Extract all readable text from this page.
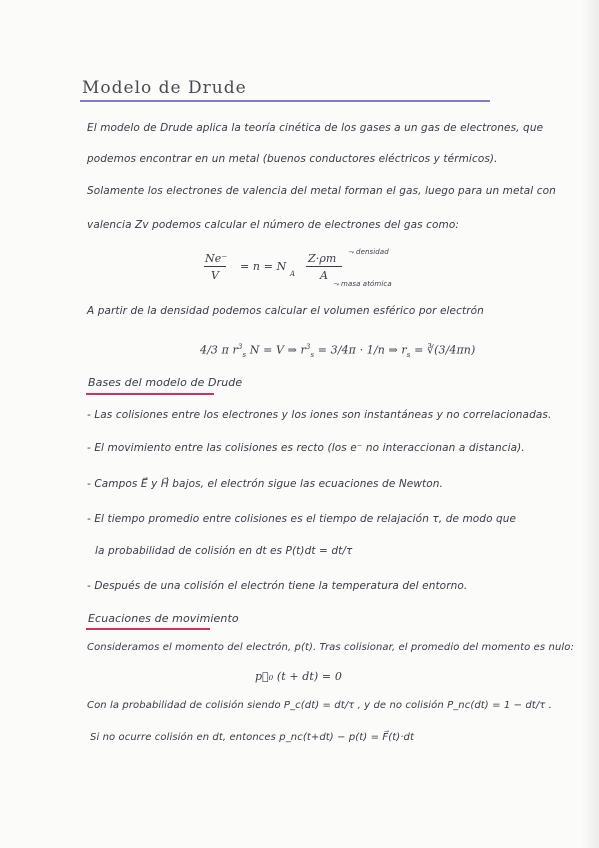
Modelo de Drude
El modelo de Drude aplica la teoría cinética de los gases a un gas de electrones, que
podemos encontrar en un metal (buenos conductores eléctricos y térmicos).
Solamente los electrones de valencia del metal forman el gas, luego para un metal con
valencia Zv podemos calcular el número de electrones del gas como:
Ne⁻
V
= n = N
A
Z·ρm
A
⤳ densidad
⤳ masa atómica
A partir de la densidad podemos calcular el volumen esférico por electrón
4/3 π $r^3_s$ N = V ⇒ $r^3_s = 3/4\pi \cdot 1/n$ ⇒ $r_s$ = ∛(3/4πn)
Bases del modelo de Drude
- Las colisiones entre los electrones y los iones son instantáneas y no correlacionadas.
- El movimiento entre las colisiones es recto (los e⁻ no interaccionan a distancia).
- Campos E⃗ y H⃗ bajos, el electrón sigue las ecuaciones de Newton.
- El tiempo promedio entre colisiones es el tiempo de relajación τ, de modo que
la probabilidad de colisión en dt es P(t)dt = dt/τ
- Después de una colisión el electrón tiene la temperatura del entorno.
Ecuaciones de movimiento
Consideramos el momento del electrón, p(t). Tras colisionar, el promedio del momento es nulo:
p⃗₀ (t + dt) = 0
Con la probabilidad de colisión siendo P_c(dt) = dt/τ , y de no colisión P_nc(dt) = 1 − dt/τ .
Si no ocurre colisión en dt, entonces p_nc(t+dt) − p(t) = F⃗(t)·dt
